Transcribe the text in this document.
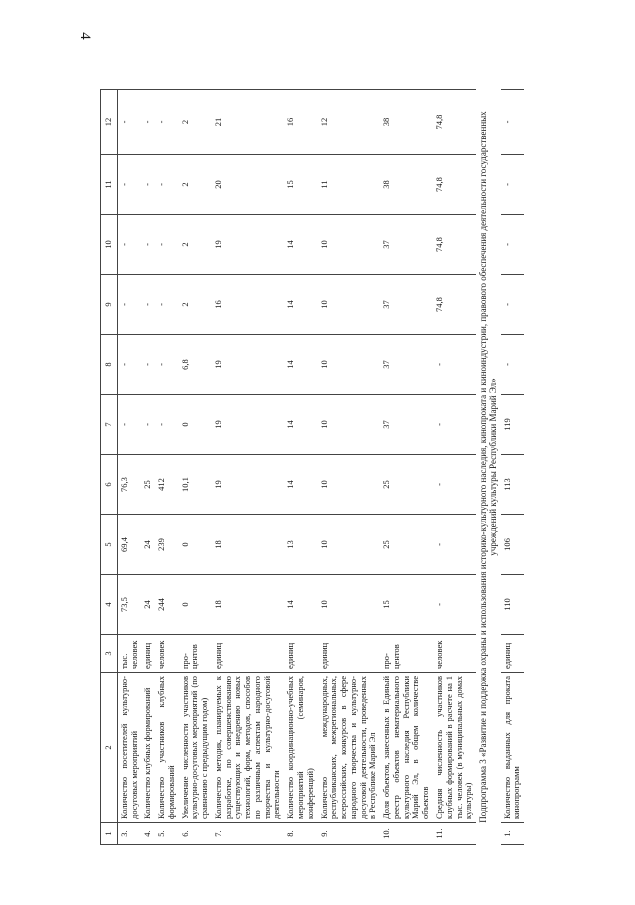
4
1	2	3	4	5	6	7	8	9	10	11	12
3.	Количество посетителей культурно-досуговых мероприятий	тыс. человек	73,5	69,4	76,3	-	-	-	-	-	-
4.	Количество клубных формирований	единиц	24	24	25	-	-	-	-	-	-
5.	Количество участников клубных формирований	человек	244	239	412	-	-	-	-	-	-
6.	Увеличение численности участников культурно-досуговых мероприятий (по сравнению с предыдущим годом)	про-центов	0	0	10,1	0	6,8	2	2	2	2
7.	Количество методик, планируемых к разработке, по совершенствованию существующих и внедрению новых технологий, форм, методов, способов по различным аспектам народного творчества и культурно-досуговой деятельности	единиц	18	18	19	19	19	16	19	20	21
8.	Количество координационно-учебных мероприятий (семинаров, конференций)	единиц	14	13	14	14	14	14	14	15	16
9.	Количество международных, республиканских, межрегиональных, всероссийских, конкурсов в сфере народного творчества и культурно-досуговой деятельности, проведенных в Республике Марий Эл	единиц	10	10	10	10	10	10	10	11	12
10.	Доля объектов, занесенных в Единый реестр объектов нематериального культурного наследия Республики Марий Эл, в общем количестве объектов	про-центов	15	25	25	37	37	37	37	38	38
11.	Средняя численность участников клубных формирований в расчете на 1 тыс. человек (в муниципальных домах культуры)	человек	-	-	-	-	-	74,8	74,8	74,8	74,8
Подпрограмма 3 «Развитие и поддержка охраны и использования историко-культурного наследия, кинопроката и киноиндустрии, правового обеспечения деятельности государственных учреждений культуры Республики Марий Эл»											
1.	Количество выданных для проката кинопрограмм	единиц	110	106	113	119	-	-	-	-	-
